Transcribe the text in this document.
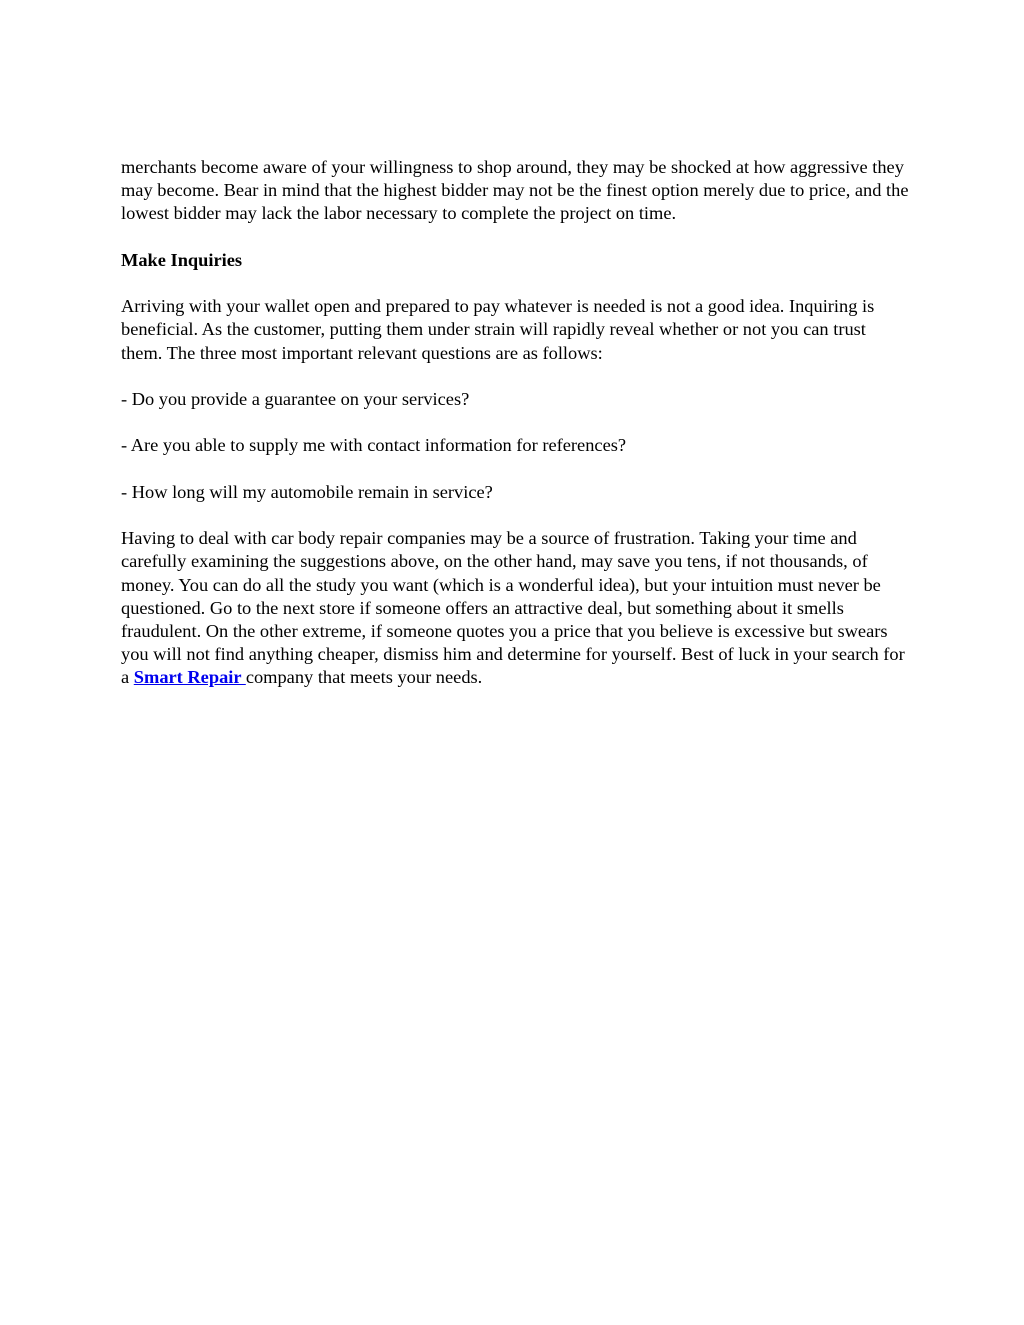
merchants become aware of your willingness to shop around, they may be shocked at how aggressive they may become. Bear in mind that the highest bidder may not be the finest option merely due to price, and the lowest bidder may lack the labor necessary to complete the project on time.

Make Inquiries

Arriving with your wallet open and prepared to pay whatever is needed is not a good idea. Inquiring is beneficial. As the customer, putting them under strain will rapidly reveal whether or not you can trust them. The three most important relevant questions are as follows:

- Do you provide a guarantee on your services?

- Are you able to supply me with contact information for references?

- How long will my automobile remain in service?

Having to deal with car body repair companies may be a source of frustration. Taking your time and carefully examining the suggestions above, on the other hand, may save you tens, if not thousands, of money. You can do all the study you want (which is a wonderful idea), but your intuition must never be questioned. Go to the next store if someone offers an attractive deal, but something about it smells fraudulent. On the other extreme, if someone quotes you a price that you believe is excessive but swears you will not find anything cheaper, dismiss him and determine for yourself. Best of luck in your search for a Smart Repair company that meets your needs.
